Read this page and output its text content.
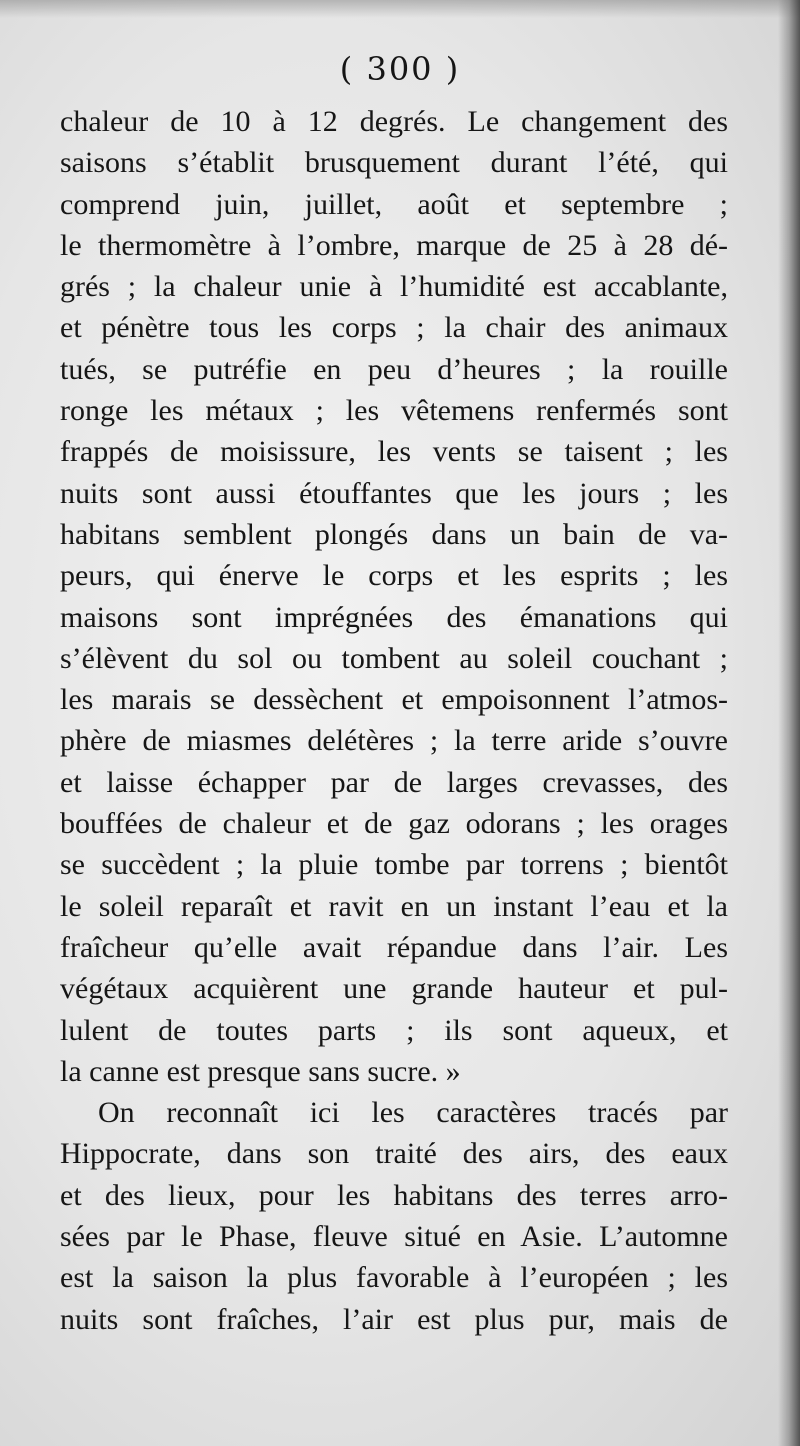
( 300 )
chaleur de 10 à 12 degrés. Le changement des
saisons s’établit brusquement durant l’été, qui
comprend juin, juillet, août et septembre ;
le thermomètre à l’ombre, marque de 25 à 28 dé-
grés ; la chaleur unie à l’humidité est accablante,
et pénètre tous les corps ; la chair des animaux
tués, se putréfie en peu d’heures ; la rouille
ronge les métaux ; les vêtemens renfermés sont
frappés de moisissure, les vents se taisent ; les
nuits sont aussi étouffantes que les jours ; les
habitans semblent plongés dans un bain de va-
peurs, qui énerve le corps et les esprits ; les
maisons sont imprégnées des émanations qui
s’élèvent du sol ou tombent au soleil couchant ;
les marais se dessèchent et empoisonnent l’atmos-
phère de miasmes delétères ; la terre aride s’ouvre
et laisse échapper par de larges crevasses, des
bouffées de chaleur et de gaz odorans ; les orages
se succèdent ; la pluie tombe par torrens ; bientôt
le soleil reparaît et ravit en un instant l’eau et la
fraîcheur qu’elle avait répandue dans l’air. Les
végétaux acquièrent une grande hauteur et pul-
lulent de toutes parts ; ils sont aqueux, et
la canne est presque sans sucre. »
On reconnaît ici les caractères tracés par
Hippocrate, dans son traité des airs, des eaux
et des lieux, pour les habitans des terres arro-
sées par le Phase, fleuve situé en Asie. L’automne
est la saison la plus favorable à l’européen ; les
nuits sont fraîches, l’air est plus pur, mais de
